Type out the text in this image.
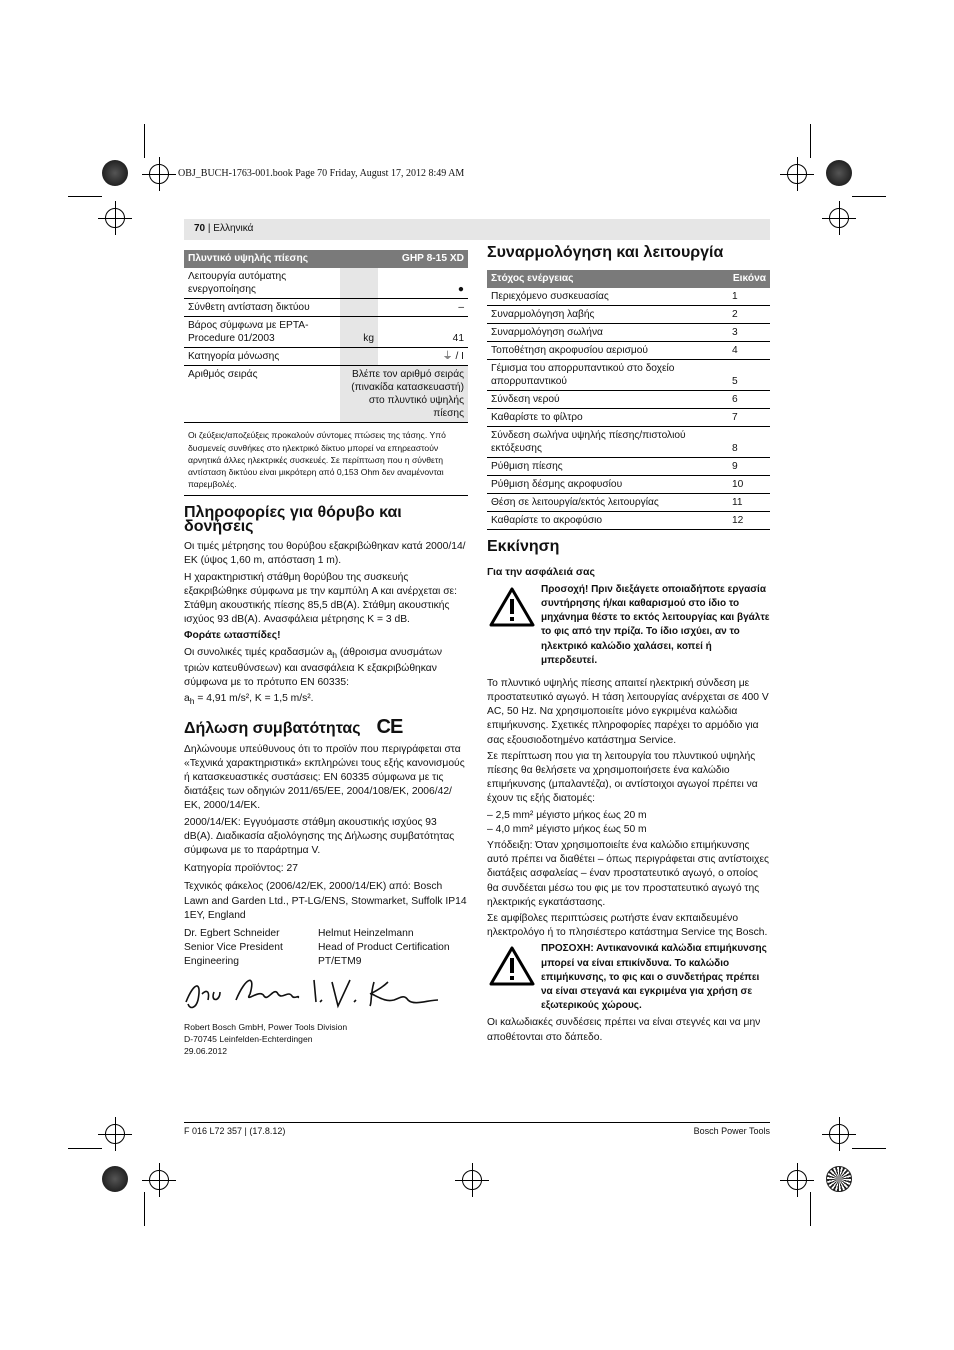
OBJ_BUCH-1763-001.book Page 70 Friday, August 17, 2012 8:49 AM
70 | Ελληνικά
Πλυντικό υψηλής πίεσης		GHP 8-15 XD
Λειτουργία αυτόματης ενεργοποίησης		●
Σύνθετη αντίσταση δικτύου		–
Βάρος σύμφωνα με EPTA-Procedure 01/2003	kg	41
Κατηγορία μόνωσης		⏚ / I
Αριθμός σειράς	Βλέπε τον αριθμό σειράς (πινακίδα κατασκευαστή) στο πλυντικό υψηλής πίεσης	

Οι ζεύξεις/αποζεύξεις προκαλούν σύντομες πτώσεις της τάσης. Υπό δυσμενείς συνθήκες στο ηλεκτρικό δίκτυο μπορεί να επηρεαστούν αρνητικά άλλες ηλεκτρικές συσκευές. Σε περίπτωση που η σύνθετη αντίσταση δικτύου είναι μικρότερη από 0,153 Ohm δεν αναμένονται παρεμβολές.

Πληροφορίες για θόρυβο και δονήσεις

Οι τιμές μέτρησης του θορύβου εξακριβώθηκαν κατά 2000/14/ΕΚ (ύψος 1,60 m, απόσταση 1 m).

Η χαρακτηριστική στάθμη θορύβου της συσκευής εξακριβώθηκε σύμφωνα με την καμπύλη A και ανέρχεται σε: Στάθμη ακουστικής πίεσης 85,5 dB(A). Στάθμη ακουστικής ισχύος 93 dB(A). Ανασφάλεια μέτρησης K = 3 dB.

Φοράτε ωτασπίδες!

Οι συνολικές τιμές κραδασμών $a_h$ (άθροισμα ανυσμάτων τριών κατευθύνσεων) και ανασφάλεια K εξακριβώθηκαν σύμφωνα με το πρότυπο EN 60335:

$a_h = 4,91$ m/s², K = 1,5 m/s².

Δήλωση συμβατότητας CE

Δηλώνουμε υπεύθυνους ότι το προϊόν που περιγράφεται στα «Τεχνικά χαρακτηριστικά» εκπληρώνει τους εξής κανονισμούς ή κατασκευαστικές συστάσεις: EN 60335 σύμφωνα με τις διατάξεις των οδηγιών 2011/65/ΕΕ, 2004/108/ΕΚ, 2006/42/ΕΚ, 2000/14/ΕΚ.

2000/14/ΕΚ: Εγγυόμαστε στάθμη ακουστικής ισχύος 93 dB(A). Διαδικασία αξιολόγησης της Δήλωσης συμβατότητας σύμφωνα με το παράρτημα V.

Κατηγορία προϊόντος: 27

Τεχνικός φάκελος (2006/42/ΕΚ, 2000/14/ΕΚ) από: Bosch Lawn and Garden Ltd., PT-LG/ENS, Stowmarket, Suffolk IP14 1EY, England

Dr. Egbert Schneider
Senior Vice President
Engineering
Helmut Heinzelmann
Head of Product Certification
PT/ETM9
Robert Bosch GmbH, Power Tools Division
D-70745 Leinfelden-Echterdingen
29.06.2012
Συναρμολόγηση και λειτουργία
Στόχος ενέργειας	Εικόνα
Περιεχόμενο συσκευασίας	1
Συναρμολόγηση λαβής	2
Συναρμολόγηση σωλήνα	3
Τοποθέτηση ακροφυσίου αερισμού	4
Γέμισμα του απορρυπαντικού στο δοχείο απορρυπαντικού	5
Σύνδεση νερού	6
Καθαρίστε το φίλτρο	7
Σύνδεση σωλήνα υψηλής πίεσης/πιστολιού εκτόξευσης	8
Ρύθμιση πίεσης	9
Ρύθμιση δέσμης ακροφυσίου	10
Θέση σε λειτουργία/εκτός λειτουργίας	11
Καθαρίστε το ακροφύσιο	12
Εκκίνηση
Για την ασφάλειά σας
Προσοχή! Πριν διεξάγετε οποιαδήποτε εργασία συντήρησης ή/και καθαρισμού στο ίδιο το μηχάνημα θέστε το εκτός λειτουργίας και βγάλτε το φις από την πρίζα. Το ίδιο ισχύει, αν το ηλεκτρικό καλώδιο χαλάσει, κοπεί ή μπερδευτεί.

Το πλυντικό υψηλής πίεσης απαιτεί ηλεκτρική σύνδεση με προστατευτικό αγωγό. Η τάση λειτουργίας ανέρχεται σε 400 V AC, 50 Hz. Να χρησιμοποιείτε μόνο εγκριμένα καλώδια επιμήκυνσης. Σχετικές πληροφορίες παρέχει το αρμόδιο για σας εξουσιοδοτημένο κατάστημα Service.

Σε περίπτωση που για τη λειτουργία του πλυντικού υψηλής πίεσης θα θελήσετε να χρησιμοποιήσετε ένα καλώδιο επιμήκυνσης (μπαλαντέζα), οι αντίστοιχοι αγωγοί πρέπει να έχουν τις εξής διατομές:

– 2,5 mm² μέγιστο μήκος έως 20 m

– 4,0 mm² μέγιστο μήκος έως 50 m

Υπόδειξη: Όταν χρησιμοποιείτε ένα καλώδιο επιμήκυνσης αυτό πρέπει να διαθέτει – όπως περιγράφεται στις αντίστοιχες διατάξεις ασφαλείας – έναν προστατευτικό αγωγό, ο οποίος θα συνδέεται μέσω του φις με τον προστατευτικό αγωγό της ηλεκτρικής εγκατάστασης.

Σε αμφίβολες περιπτώσεις ρωτήστε έναν εκπαιδευμένο ηλεκτρολόγο ή το πλησιέστερο κατάστημα Service της Bosch.

ΠΡΟΣΟΧΗ: Αντικανονικά καλώδια επιμήκυνσης μπορεί να είναι επικίνδυνα. Το καλώδιο επιμήκυνσης, το φις και ο συνδετήρας πρέπει να είναι στεγανά και εγκριμένα για χρήση σε εξωτερικούς χώρους.

Οι καλωδιακές συνδέσεις πρέπει να είναι στεγνές και να μην αποθέτονται στο δάπεδο.

F 016 L72 357 | (17.8.12)	Bosch Power Tools
